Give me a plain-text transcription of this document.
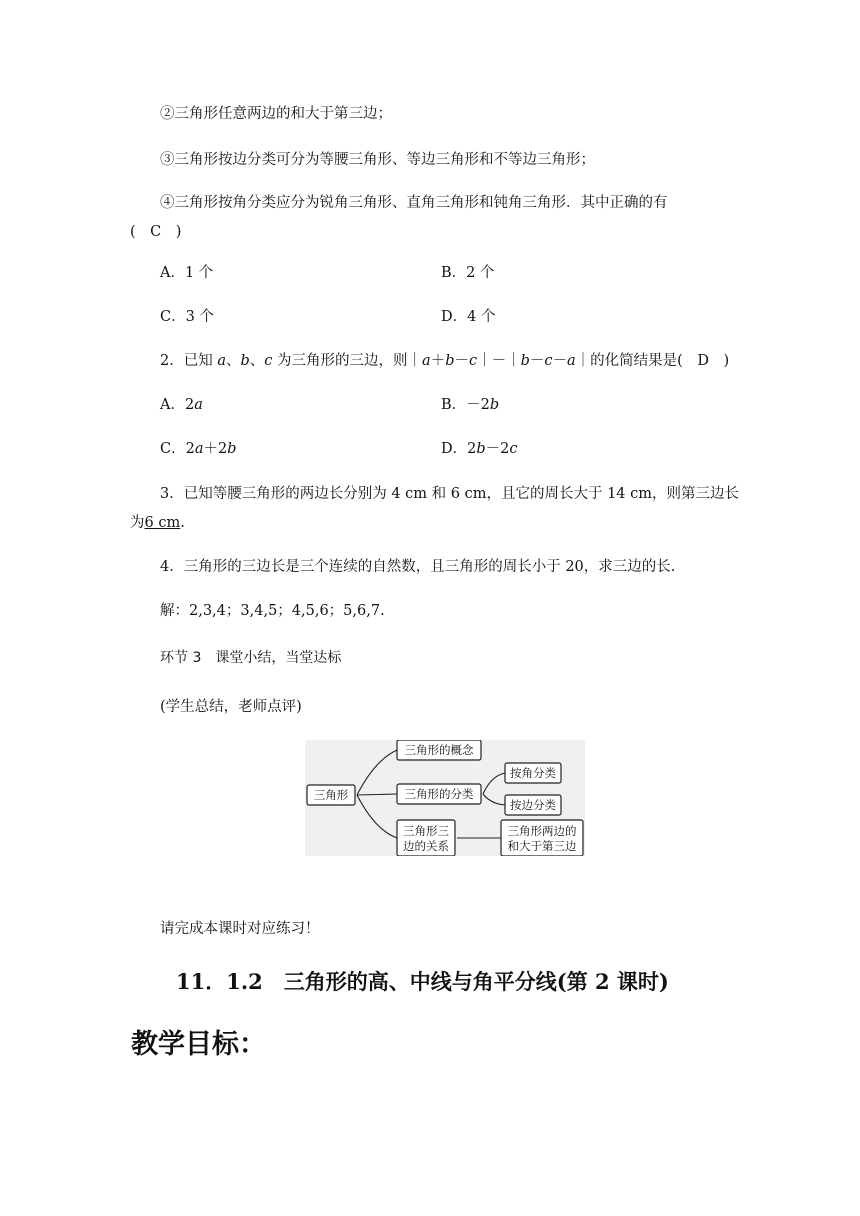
②三角形任意两边的和大于第三边；
③三角形按边分类可分为等腰三角形、等边三角形和不等边三角形；
④三角形按角分类应分为锐角三角形、直角三角形和钝角三角形．其中正确的有
(　C　)
A．1 个	B．2 个
C．3 个	D．4 个
2．已知 a、b、c 为三角形的三边，则｜a＋b－c｜－｜b－c－a｜的化简结果是(　D　)
A．2a	B．－2b
C．2a＋2b	D．2b－2c
3．已知等腰三角形的两边长分别为 4 cm 和 6 cm，且它的周长大于 14 cm，则第三边长
为6 cm.
4．三角形的三边长是三个连续的自然数，且三角形的周长小于 20，求三边的长.
解：2,3,4；3,4,5；4,5,6；5,6,7.
环节 3　课堂小结，当堂达标
(学生总结，老师点评)
三角形
三角形的概念
三角形的分类
按角分类
按边分类
三角形三
边的关系
三角形两边的
和大于第三边
请完成本课时对应练习！
11．1.2　三角形的高、中线与角平分线(第 2 课时)
教学目标：
